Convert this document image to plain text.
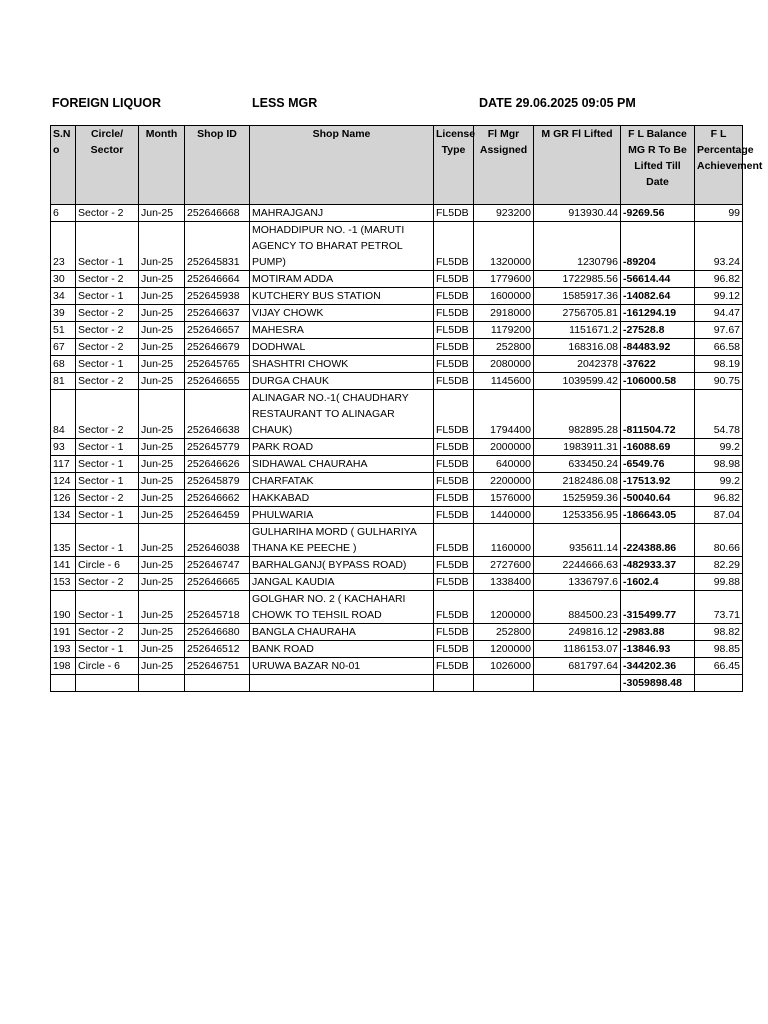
FOREIGN LIQUOR	LESS MGR	DATE 29.06.2025 09:05 PM
S.N o	Circle/ Sector	Month	Shop ID	Shop Name	License Type	Fl Mgr Assigned	M GR Fl Lifted	F L Balance MG R To Be Lifted Till Date	F L Percentage Achievement
6	Sector - 2	Jun-25	252646668	MAHRAJGANJ	FL5DB	923200	913930.44	-9269.56	99
23	Sector - 1	Jun-25	252645831	MOHADDIPUR NO. -1 (MARUTI AGENCY TO BHARAT PETROL PUMP)	FL5DB	1320000	1230796	-89204	93.24
30	Sector - 2	Jun-25	252646664	MOTIRAM ADDA	FL5DB	1779600	1722985.56	-56614.44	96.82
34	Sector - 1	Jun-25	252645938	KUTCHERY BUS STATION	FL5DB	1600000	1585917.36	-14082.64	99.12
39	Sector - 2	Jun-25	252646637	VIJAY CHOWK	FL5DB	2918000	2756705.81	-161294.19	94.47
51	Sector - 2	Jun-25	252646657	MAHESRA	FL5DB	1179200	1151671.2	-27528.8	97.67
67	Sector - 2	Jun-25	252646679	DODHWAL	FL5DB	252800	168316.08	-84483.92	66.58
68	Sector - 1	Jun-25	252645765	SHASHTRI CHOWK	FL5DB	2080000	2042378	-37622	98.19
81	Sector - 2	Jun-25	252646655	DURGA CHAUK	FL5DB	1145600	1039599.42	-106000.58	90.75
84	Sector - 2	Jun-25	252646638	ALINAGAR NO.-1( CHAUDHARY RESTAURANT TO ALINAGAR CHAUK)	FL5DB	1794400	982895.28	-811504.72	54.78
93	Sector - 1	Jun-25	252645779	PARK ROAD	FL5DB	2000000	1983911.31	-16088.69	99.2
117	Sector - 1	Jun-25	252646626	SIDHAWAL CHAURAHA	FL5DB	640000	633450.24	-6549.76	98.98
124	Sector - 1	Jun-25	252645879	CHARFATAK	FL5DB	2200000	2182486.08	-17513.92	99.2
126	Sector - 2	Jun-25	252646662	HAKKABAD	FL5DB	1576000	1525959.36	-50040.64	96.82
134	Sector - 1	Jun-25	252646459	PHULWARIA	FL5DB	1440000	1253356.95	-186643.05	87.04
135	Sector - 1	Jun-25	252646038	GULHARIHA MORD ( GULHARIYA THANA KE PEECHE )	FL5DB	1160000	935611.14	-224388.86	80.66
141	Circle - 6	Jun-25	252646747	BARHALGANJ( BYPASS ROAD)	FL5DB	2727600	2244666.63	-482933.37	82.29
153	Sector - 2	Jun-25	252646665	JANGAL KAUDIA	FL5DB	1338400	1336797.6	-1602.4	99.88
190	Sector - 1	Jun-25	252645718	GOLGHAR NO. 2 ( KACHAHARI CHOWK TO TEHSIL ROAD	FL5DB	1200000	884500.23	-315499.77	73.71
191	Sector - 2	Jun-25	252646680	BANGLA CHAURAHA	FL5DB	252800	249816.12	-2983.88	98.82
193	Sector - 1	Jun-25	252646512	BANK ROAD	FL5DB	1200000	1186153.07	-13846.93	98.85
198	Circle - 6	Jun-25	252646751	URUWA BAZAR N0-01	FL5DB	1026000	681797.64	-344202.36	66.45
								-3059898.48	
